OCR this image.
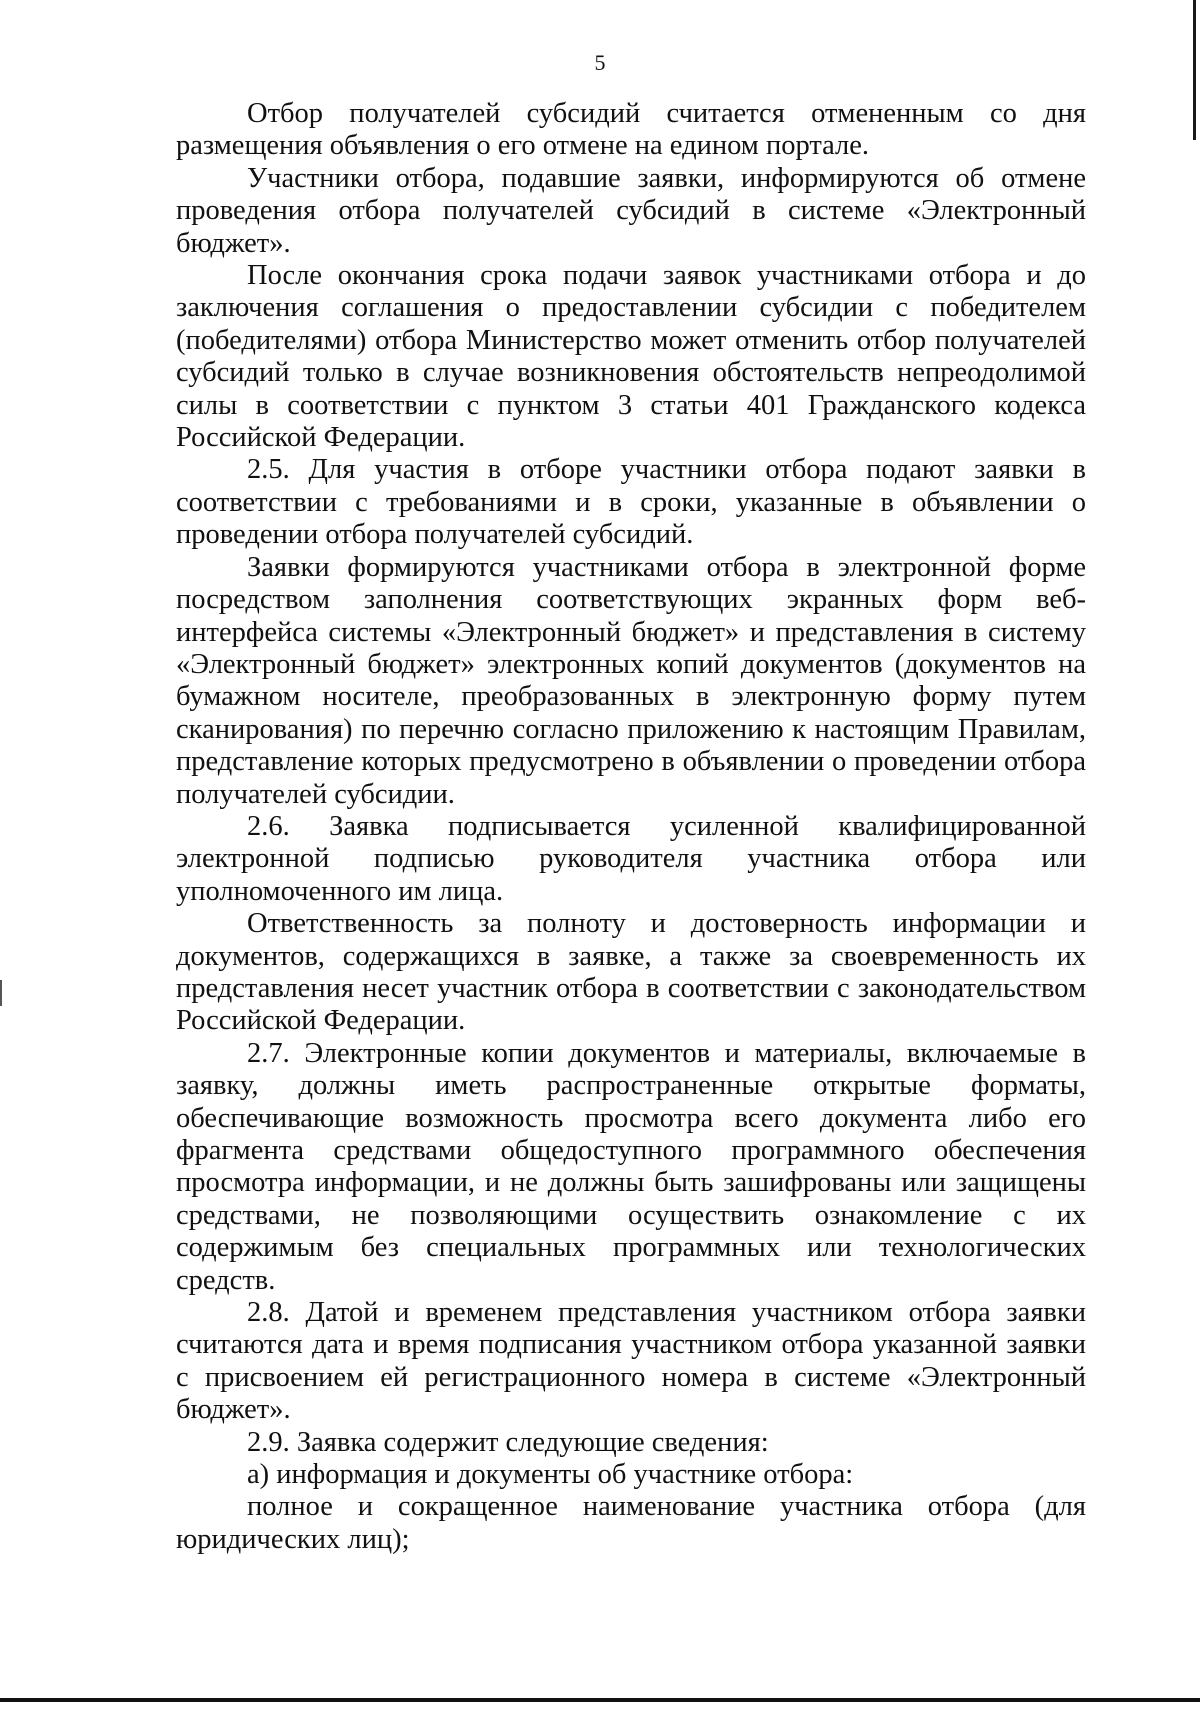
5

Отбор получателей субсидий считается отмененным со дня размещения объявления о его отмене на едином портале.

Участники отбора, подавшие заявки, информируются об отмене проведения отбора получателей субсидий в системе «Электронный бюджет».

После окончания срока подачи заявок участниками отбора и до заключения соглашения о предоставлении субсидии с победителем (победителями) отбора Министерство может отменить отбор получателей субсидий только в случае возникновения обстоятельств непреодолимой силы в соответствии с пунктом 3 статьи 401 Гражданского кодекса Российской Федерации.

2.5. Для участия в отборе участники отбора подают заявки в соответствии с требованиями и в сроки, указанные в объявлении о проведении отбора получателей субсидий.

Заявки формируются участниками отбора в электронной форме посредством заполнения соответствующих экранных форм веб-интерфейса системы «Электронный бюджет» и представления в систему «Электронный бюджет» электронных копий документов (документов на бумажном носителе, преобразованных в электронную форму путем сканирования) по перечню согласно приложению к настоящим Правилам, представление которых предусмотрено в объявлении о проведении отбора получателей субсидии.

2.6. Заявка подписывается усиленной квалифицированной электронной подписью руководителя участника отбора или уполномоченного им лица.

Ответственность за полноту и достоверность информации и документов, содержащихся в заявке, а также за своевременность их представления несет участник отбора в соответствии с законодательством Российской Федерации.

2.7. Электронные копии документов и материалы, включаемые в заявку, должны иметь распространенные открытые форматы, обеспечивающие возможность просмотра всего документа либо его фрагмента средствами общедоступного программного обеспечения просмотра информации, и не должны быть зашифрованы или защищены средствами, не позволяющими осуществить ознакомление с их содержимым без специальных программных или технологических средств.

2.8. Датой и временем представления участником отбора заявки считаются дата и время подписания участником отбора указанной заявки с присвоением ей регистрационного номера в системе «Электронный бюджет».

2.9. Заявка содержит следующие сведения:

а) информация и документы об участнике отбора:

полное и сокращенное наименование участника отбора (для юридических лиц);
